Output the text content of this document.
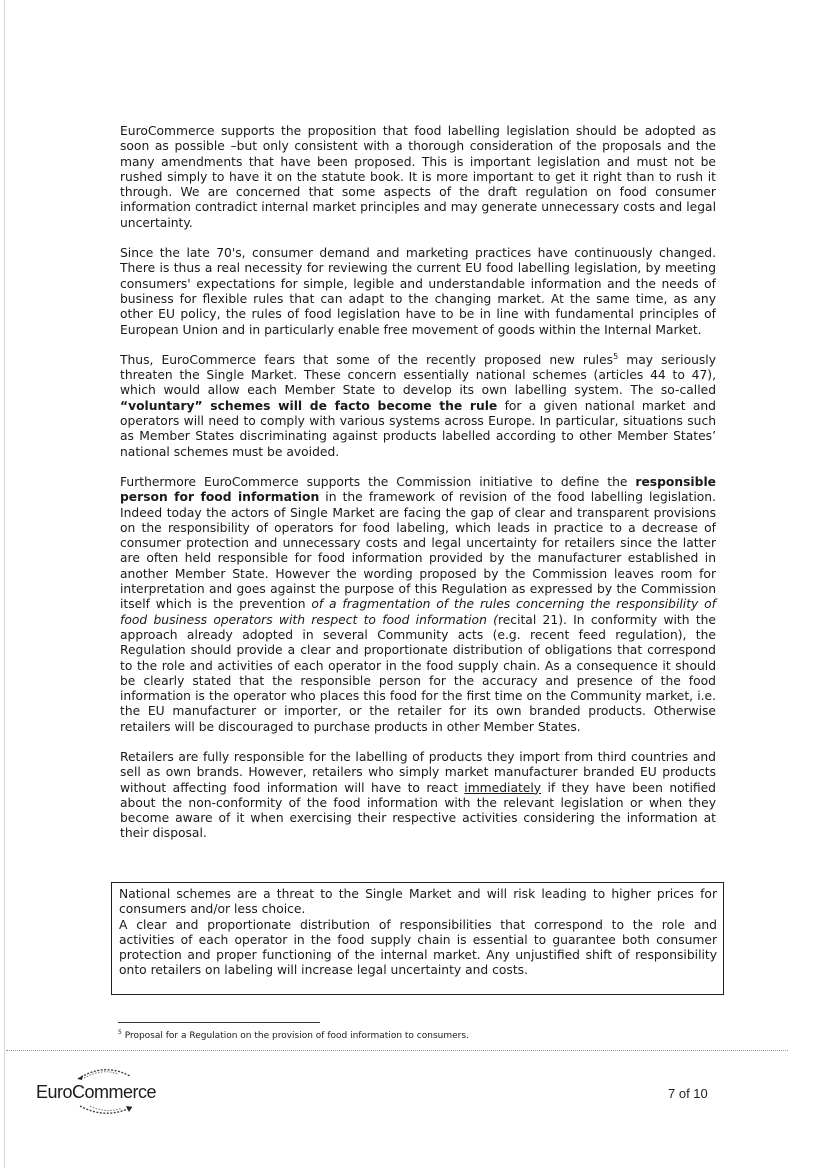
EuroCommerce supports the proposition that food labelling legislation should be adopted as soon as possible –but only consistent with a thorough consideration of the proposals and the many amendments that have been proposed. This is important legislation and must not be rushed simply to have it on the statute book. It is more important to get it right than to rush it through. We are concerned that some aspects of the draft regulation on food consumer information contradict internal market principles and may generate unnecessary costs and legal uncertainty.

Since the late 70's, consumer demand and marketing practices have continuously changed. There is thus a real necessity for reviewing the current EU food labelling legislation, by meeting consumers' expectations for simple, legible and understandable information and the needs of business for flexible rules that can adapt to the changing market. At the same time, as any other EU policy, the rules of food legislation have to be in line with fundamental principles of European Union and in particularly enable free movement of goods within the Internal Market.

Thus, EuroCommerce fears that some of the recently proposed new rules$^5$ may seriously threaten the Single Market. These concern essentially national schemes (articles 44 to 47), which would allow each Member State to develop its own labelling system. The so-called “voluntary” schemes will de facto become the rule for a given national market and operators will need to comply with various systems across Europe. In particular, situations such as Member States discriminating against products labelled according to other Member States’ national schemes must be avoided.

Furthermore EuroCommerce supports the Commission initiative to define the responsible person for food information in the framework of revision of the food labelling legislation. Indeed today the actors of Single Market are facing the gap of clear and transparent provisions on the responsibility of operators for food labeling, which leads in practice to a decrease of consumer protection and unnecessary costs and legal uncertainty for retailers since the latter are often held responsible for food information provided by the manufacturer established in another Member State. However the wording proposed by the Commission leaves room for interpretation and goes against the purpose of this Regulation as expressed by the Commission itself which is the prevention of a fragmentation of the rules concerning the responsibility of food business operators with respect to food information (recital 21). In conformity with the approach already adopted in several Community acts (e.g. recent feed regulation), the Regulation should provide a clear and proportionate distribution of obligations that correspond to the role and activities of each operator in the food supply chain. As a consequence it should be clearly stated that the responsible person for the accuracy and presence of the food information is the operator who places this food for the first time on the Community market, i.e. the EU manufacturer or importer, or the retailer for its own branded products. Otherwise retailers will be discouraged to purchase products in other Member States.

Retailers are fully responsible for the labelling of products they import from third countries and sell as own brands. However, retailers who simply market manufacturer branded EU products without affecting food information will have to react immediately if they have been notified about the non-conformity of the food information with the relevant legislation or when they become aware of it when exercising their respective activities considering the information at their disposal.

National schemes are a threat to the Single Market and will risk leading to higher prices for consumers and/or less choice.

A clear and proportionate distribution of responsibilities that correspond to the role and activities of each operator in the food supply chain is essential to guarantee both consumer protection and proper functioning of the internal market. Any unjustified shift of responsibility onto retailers on labeling will increase legal uncertainty and costs.

$^5$ Proposal for a Regulation on the provision of food information to consumers.

EuroCommerce	7 of 10
